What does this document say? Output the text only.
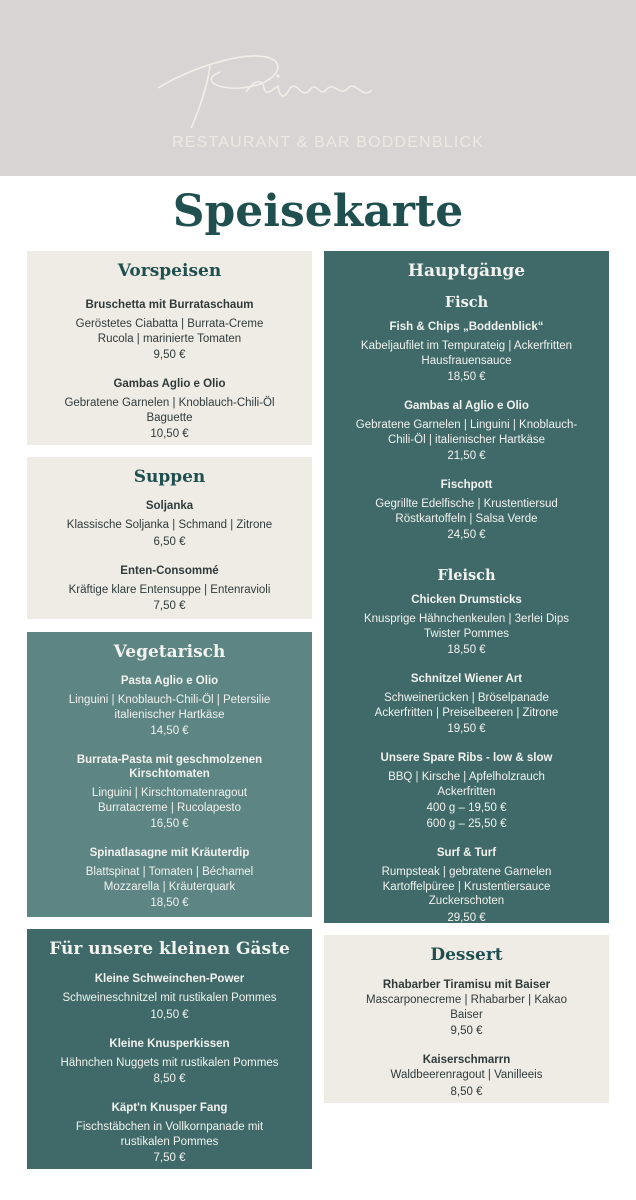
RESTAURANT & BAR BODDENBLICK
Speisekarte
Vorspeisen
Bruschetta mit Burrataschaum
Geröstetes Ciabatta | Burrata-Creme
Rucola | marinierte Tomaten
9,50 €
Gambas Aglio e Olio
Gebratene Garnelen | Knoblauch-Chili-Öl
Baguette
10,50 €
Suppen
Soljanka
Klassische Soljanka | Schmand | Zitrone
6,50 €
Enten-Consommé
Kräftige klare Entensuppe | Entenravioli
7,50 €
Vegetarisch
Pasta Aglio e Olio
Linguini | Knoblauch-Chili-Öl | Petersilie
italienischer Hartkäse
14,50 €
Burrata-Pasta mit geschmolzenen
Kirschtomaten
Linguini | Kirschtomatenragout
Burratacreme | Rucolapesto
16,50 €
Spinatlasagne mit Kräuterdip
Blattspinat | Tomaten | Béchamel
Mozzarella | Kräuterquark
18,50 €
Für unsere kleinen Gäste
Kleine Schweinchen-Power
Schweineschnitzel mit rustikalen Pommes
10,50 €
Kleine Knusperkissen
Hähnchen Nuggets mit rustikalen Pommes
8,50 €
Käpt'n Knusper Fang
Fischstäbchen in Vollkornpanade mit
rustikalen Pommes
7,50 €
Hauptgänge
Fisch
Fish & Chips „Boddenblick“
Kabeljaufilet im Tempurateig | Ackerfritten
Hausfrauensauce
18,50 €
Gambas al Aglio e Olio
Gebratene Garnelen | Linguini | Knoblauch-
Chili-Öl | italienischer Hartkäse
21,50 €
Fischpott
Gegrillte Edelfische | Krustentiersud
Röstkartoffeln | Salsa Verde
24,50 €
Fleisch
Chicken Drumsticks
Knusprige Hähnchenkeulen | 3erlei Dips
Twister Pommes
18,50 €
Schnitzel Wiener Art
Schweinerücken | Bröselpanade
Ackerfritten | Preiselbeeren | Zitrone
19,50 €
Unsere Spare Ribs - low & slow
BBQ | Kirsche | Apfelholzrauch
Ackerfritten
400 g – 19,50 €
600 g – 25,50 €
Surf & Turf
Rumpsteak | gebratene Garnelen
Kartoffelpüree | Krustentiersauce
Zuckerschoten
29,50 €
Dessert
Rhabarber Tiramisu mit Baiser
Mascarponecreme | Rhabarber | Kakao
Baiser
9,50 €
Kaiserschmarrn
Waldbeerenragout | Vanilleeis
8,50 €
